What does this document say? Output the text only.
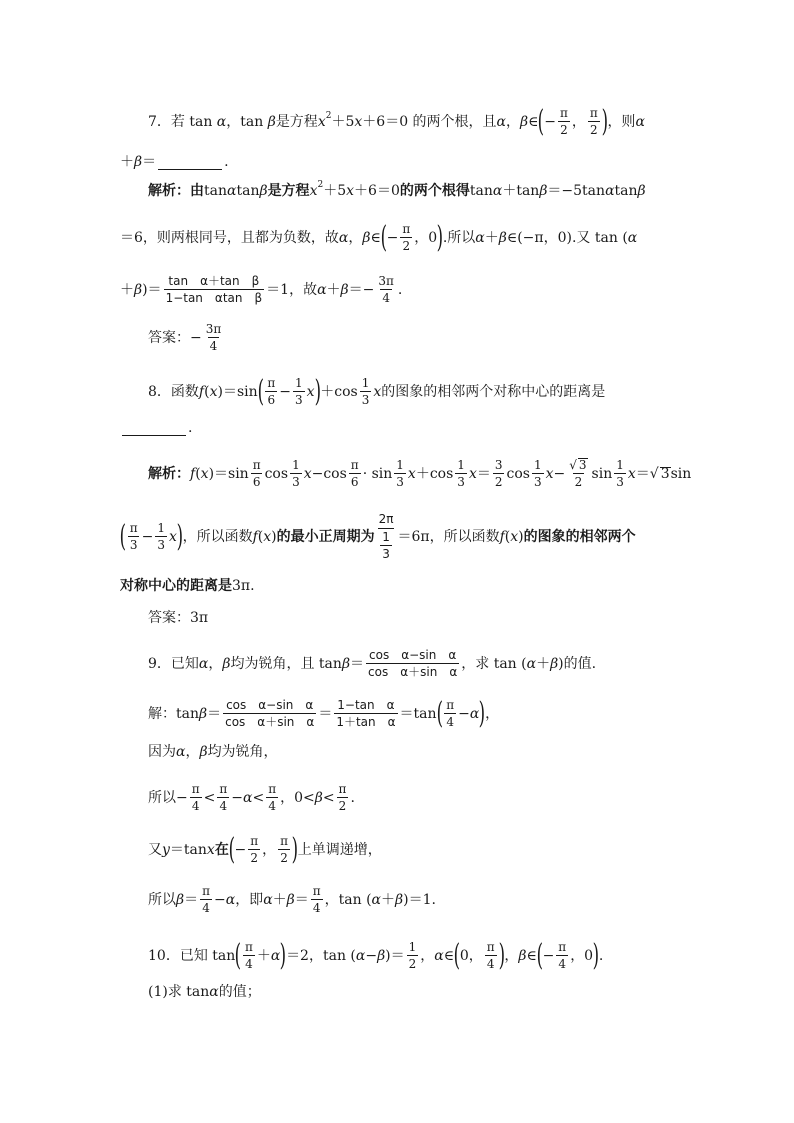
7．若 tan α ，tan β 是方程 x 2 ＋5 x ＋6＝0 的两个根，且 α ， β ∈ ( − $\frac{\pi}{2}$ ， $\frac{\pi}{2}$ ) ，则 α
＋ β ＝	.
解析：由 tan α tan β 是方程 x 2 ＋5 x ＋6＝0 的两个根得 tan α ＋tan β ＝−5tan α tan β
＝6，则两根同号，且都为负数，故 α ， β ∈ ( − $\frac{\pi}{2}$ ，0 ) .所以 α ＋ β ∈(−π，0).又 tan ( α
＋ β )＝ $\frac{\text{tan　α＋tan　β}}{\text{1−tan　αtan　β}} =1$，故 $\alpha + \beta =- \frac{3\pi}{4}$ .
答案：− $\frac{3\pi}{4}$
8．函数 f ( x )＝sin ( $\frac{\pi}{6} - \frac{1}{3}$ x ) $+\cos \frac{1}{3}$ x 的图象的相邻两个对称中心的距离是
.
解析： f ( x )$=\sin \frac{\pi}{6}$ $\cos \frac{1}{3}$ $x -\cos \frac{\pi}{6} \cdot \sin \frac{1}{3}$ $x +\cos \frac{1}{3}$ $x = \frac{3}{2}$ $\cos \frac{1}{3}$ $x - \frac{√ 3}{2}$ $\sin \frac{1}{3}$ x ＝√ 3 sin
( $\frac{\pi}{3} - \frac{1}{3}$ x ) ，所以函数 f ( x ) 的最小正周期为 $\frac{2\pi}{\frac{1}{3}} =6\pi$，所以函数 f ( x ) 的图象的相邻两个
对称中心的距离是 3π.
答案：3π
9．已知 α ， β 均为锐角，且 $\tan \beta = \frac{\text{cos　α−sin　α}}{\text{cos　α＋sin　α}}$ ，求 tan ( α ＋ β )的值.
解：$\tan \beta = \frac{\text{cos　α−sin　α}}{\text{cos　α＋sin　α}} = \frac{\text{1−tan　α}}{\text{1＋tan　α}} =\tan$ ( $\frac{\pi}{4} - \alpha$ ) ，
因为 α ， β 均为锐角，
所以− $\frac{\pi}{4} < \frac{\pi}{4} - \alpha < \frac{\pi}{4}$ ，$0< \beta < \frac{\pi}{2}$ .
又 y ＝tan x 在 ( − $\frac{\pi}{2}$ ， $\frac{\pi}{2}$ ) 上单调递增，
所以 $\beta = \frac{\pi}{4} - \alpha$ ，即 $\alpha + \beta = \frac{\pi}{4}$ ，tan ( α ＋ β )＝1.
10．已知 tan ( $\frac{\pi}{4} + \alpha$ ) ＝2，tan ( α − β )＝ $\frac{1}{2}$ ， α ∈ ( 0， $\frac{\pi}{4}$ ) ， β ∈ ( − $\frac{\pi}{4}$ ，0 ) .
(1)求 tan α 的值；
